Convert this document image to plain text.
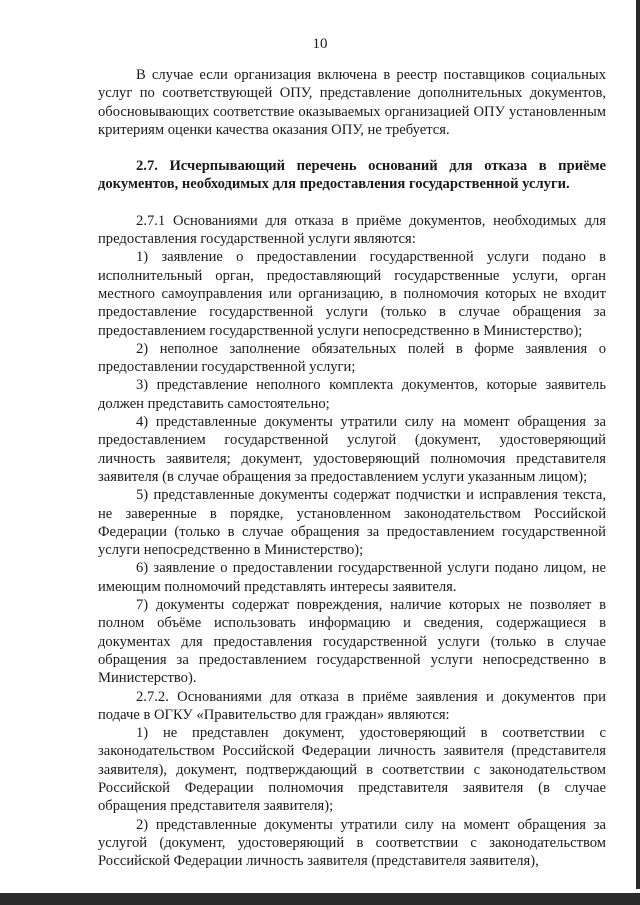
10

В случае если организация включена в реестр поставщиков социальных услуг по соответствующей ОПУ, представление дополнительных документов, обосновывающих соответствие оказываемых организацией ОПУ установленным критериям оценки качества оказания ОПУ, не требуется.

2.7. Исчерпывающий перечень оснований для отказа в приёме документов, необходимых для предоставления государственной услуги.

2.7.1 Основаниями для отказа в приёме документов, необходимых для предоставления государственной услуги являются:

1) заявление о предоставлении государственной услуги подано в исполнительный орган, предоставляющий государственные услуги, орган местного самоуправления или организацию, в полномочия которых не входит предоставление государственной услуги (только в случае обращения за предоставлением государственной услуги непосредственно в Министерство);

2) неполное заполнение обязательных полей в форме заявления о предоставлении государственной услуги;

3) представление неполного комплекта документов, которые заявитель должен представить самостоятельно;

4) представленные документы утратили силу на момент обращения за предоставлением государственной услугой (документ, удостоверяющий личность заявителя; документ, удостоверяющий полномочия представителя заявителя (в случае обращения за предоставлением услуги указанным лицом);

5) представленные документы содержат подчистки и исправления текста, не заверенные в порядке, установленном законодательством Российской Федерации (только в случае обращения за предоставлением государственной услуги непосредственно в Министерство);

6) заявление о предоставлении государственной услуги подано лицом, не имеющим полномочий представлять интересы заявителя.

7) документы содержат повреждения, наличие которых не позволяет в полном объёме использовать информацию и сведения, содержащиеся в документах для предоставления государственной услуги (только в случае обращения за предоставлением государственной услуги непосредственно в Министерство).

2.7.2. Основаниями для отказа в приёме заявления и документов при подаче в ОГКУ «Правительство для граждан» являются:

1) не представлен документ, удостоверяющий в соответствии с законодательством Российской Федерации личность заявителя (представителя заявителя), документ, подтверждающий в соответствии с законодательством Российской Федерации полномочия представителя заявителя (в случае обращения представителя заявителя);

2) представленные документы утратили силу на момент обращения за услугой (документ, удостоверяющий в соответствии с законодательством Российской Федерации личность заявителя (представителя заявителя),
